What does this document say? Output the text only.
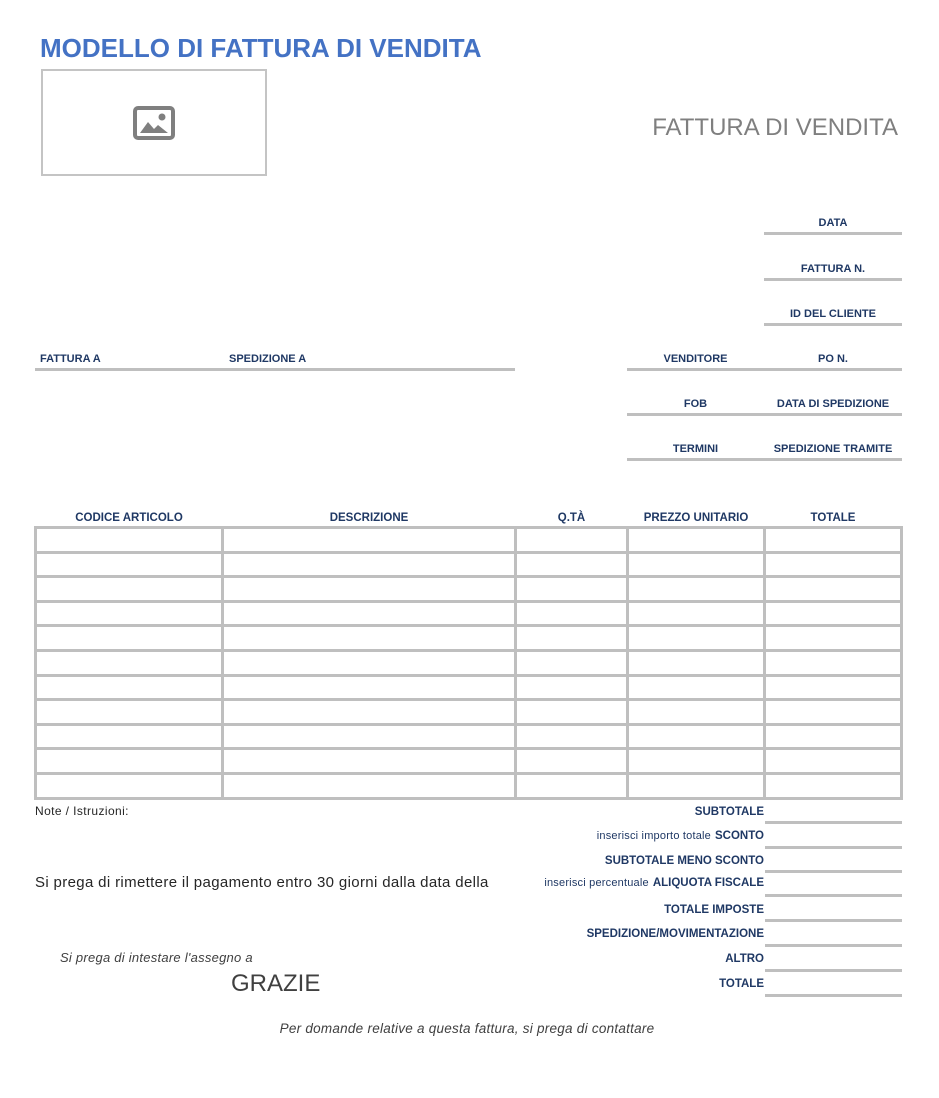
MODELLO DI FATTURA DI VENDITA
FATTURA DI VENDITA
DATA
FATTURA N.
ID DEL CLIENTE
FATTURA A	SPEDIZIONE A	VENDITORE	PO N.
FOB	DATA DI SPEDIZIONE
TERMINI	SPEDIZIONE TRAMITE
CODICE ARTICOLO	DESCRIZIONE	Q.TÀ	PREZZO UNITARIO	TOTALE
Note / Istruzioni:
Si prega di rimettere il pagamento entro 30 giorni dalla data della
Si prega di intestare l'assegno a
GRAZIE
Per domande relative a questa fattura, si prega di contattare
SUBTOTALE
inserisci importo totale SCONTO
SUBTOTALE MENO SCONTO
inserisci percentuale ALIQUOTA FISCALE
TOTALE IMPOSTE
SPEDIZIONE/MOVIMENTAZIONE
ALTRO
TOTALE
